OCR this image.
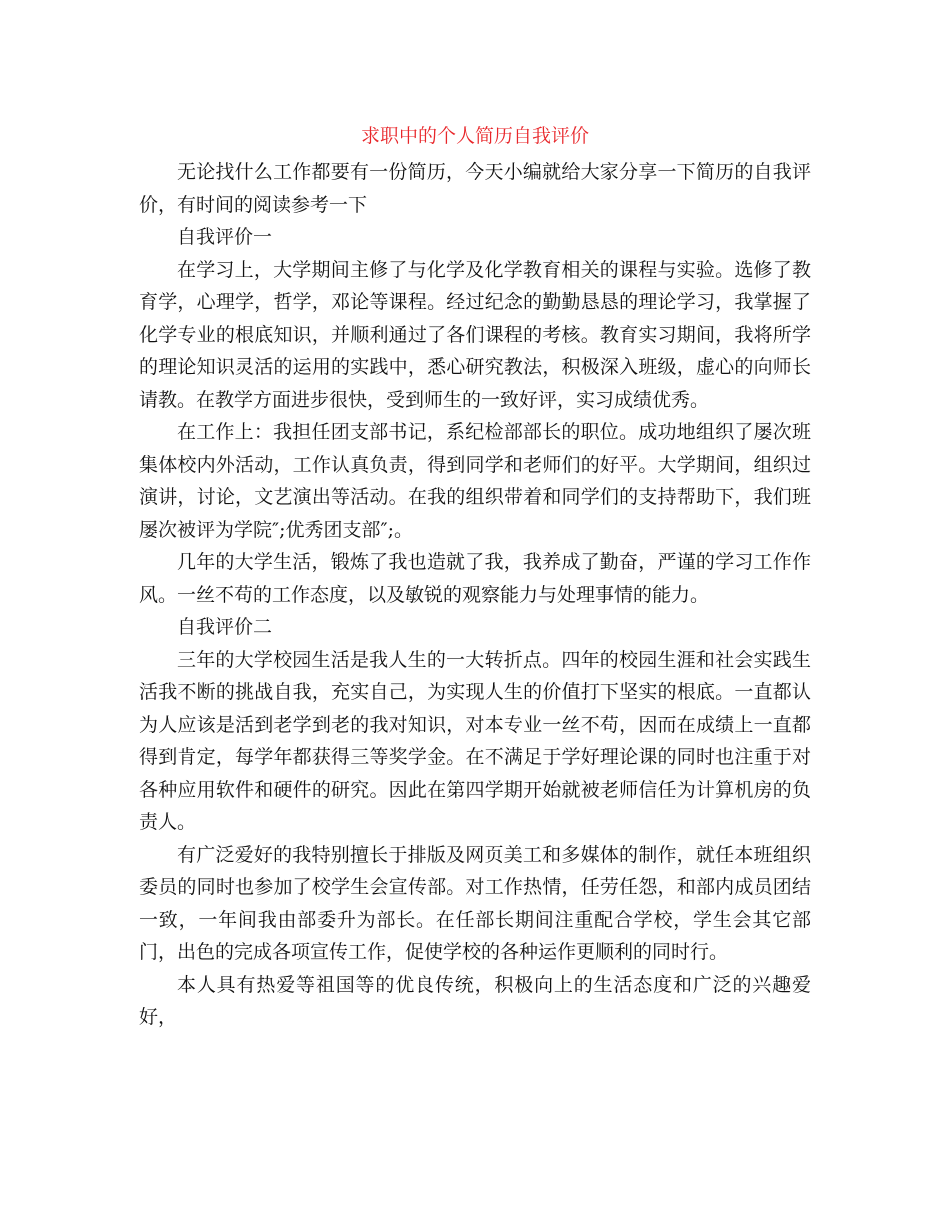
求职中的个人简历自我评价

无论找什么工作都要有一份简历，今天小编就给大家分享一下简历的自我评价，有时间的阅读参考一下

自我评价一

在学习上，大学期间主修了与化学及化学教育相关的课程与实验。选修了教育学，心理学，哲学，邓论等课程。经过纪念的勤勤恳恳的理论学习，我掌握了化学专业的根底知识，并顺利通过了各们课程的考核。教育实习期间，我将所学的理论知识灵活的运用的实践中，悉心研究教法，积极深入班级，虚心的向师长请教。在教学方面进步很快，受到师生的一致好评，实习成绩优秀。

在工作上：我担任团支部书记，系纪检部部长的职位。成功地组织了屡次班集体校内外活动，工作认真负责，得到同学和老师们的好平。大学期间，组织过演讲，讨论，文艺演出等活动。在我的组织带着和同学们的支持帮助下，我们班屡次被评为学院″;优秀团支部″;。

几年的大学生活，锻炼了我也造就了我，我养成了勤奋，严谨的学习工作作风。一丝不苟的工作态度，以及敏锐的观察能力与处理事情的能力。

自我评价二

三年的大学校园生活是我人生的一大转折点。四年的校园生涯和社会实践生活我不断的挑战自我，充实自己，为实现人生的价值打下坚实的根底。一直都认为人应该是活到老学到老的我对知识，对本专业一丝不苟，因而在成绩上一直都得到肯定，每学年都获得三等奖学金。在不满足于学好理论课的同时也注重于对各种应用软件和硬件的研究。因此在第四学期开始就被老师信任为计算机房的负责人。

有广泛爱好的我特别擅长于排版及网页美工和多媒体的制作，就任本班组织委员的同时也参加了校学生会宣传部。对工作热情，任劳任怨，和部内成员团结一致，一年间我由部委升为部长。在任部长期间注重配合学校，学生会其它部门，出色的完成各项宣传工作，促使学校的各种运作更顺利的同时行。

本人具有热爱等祖国等的优良传统，积极向上的生活态度和广泛的兴趣爱好，
